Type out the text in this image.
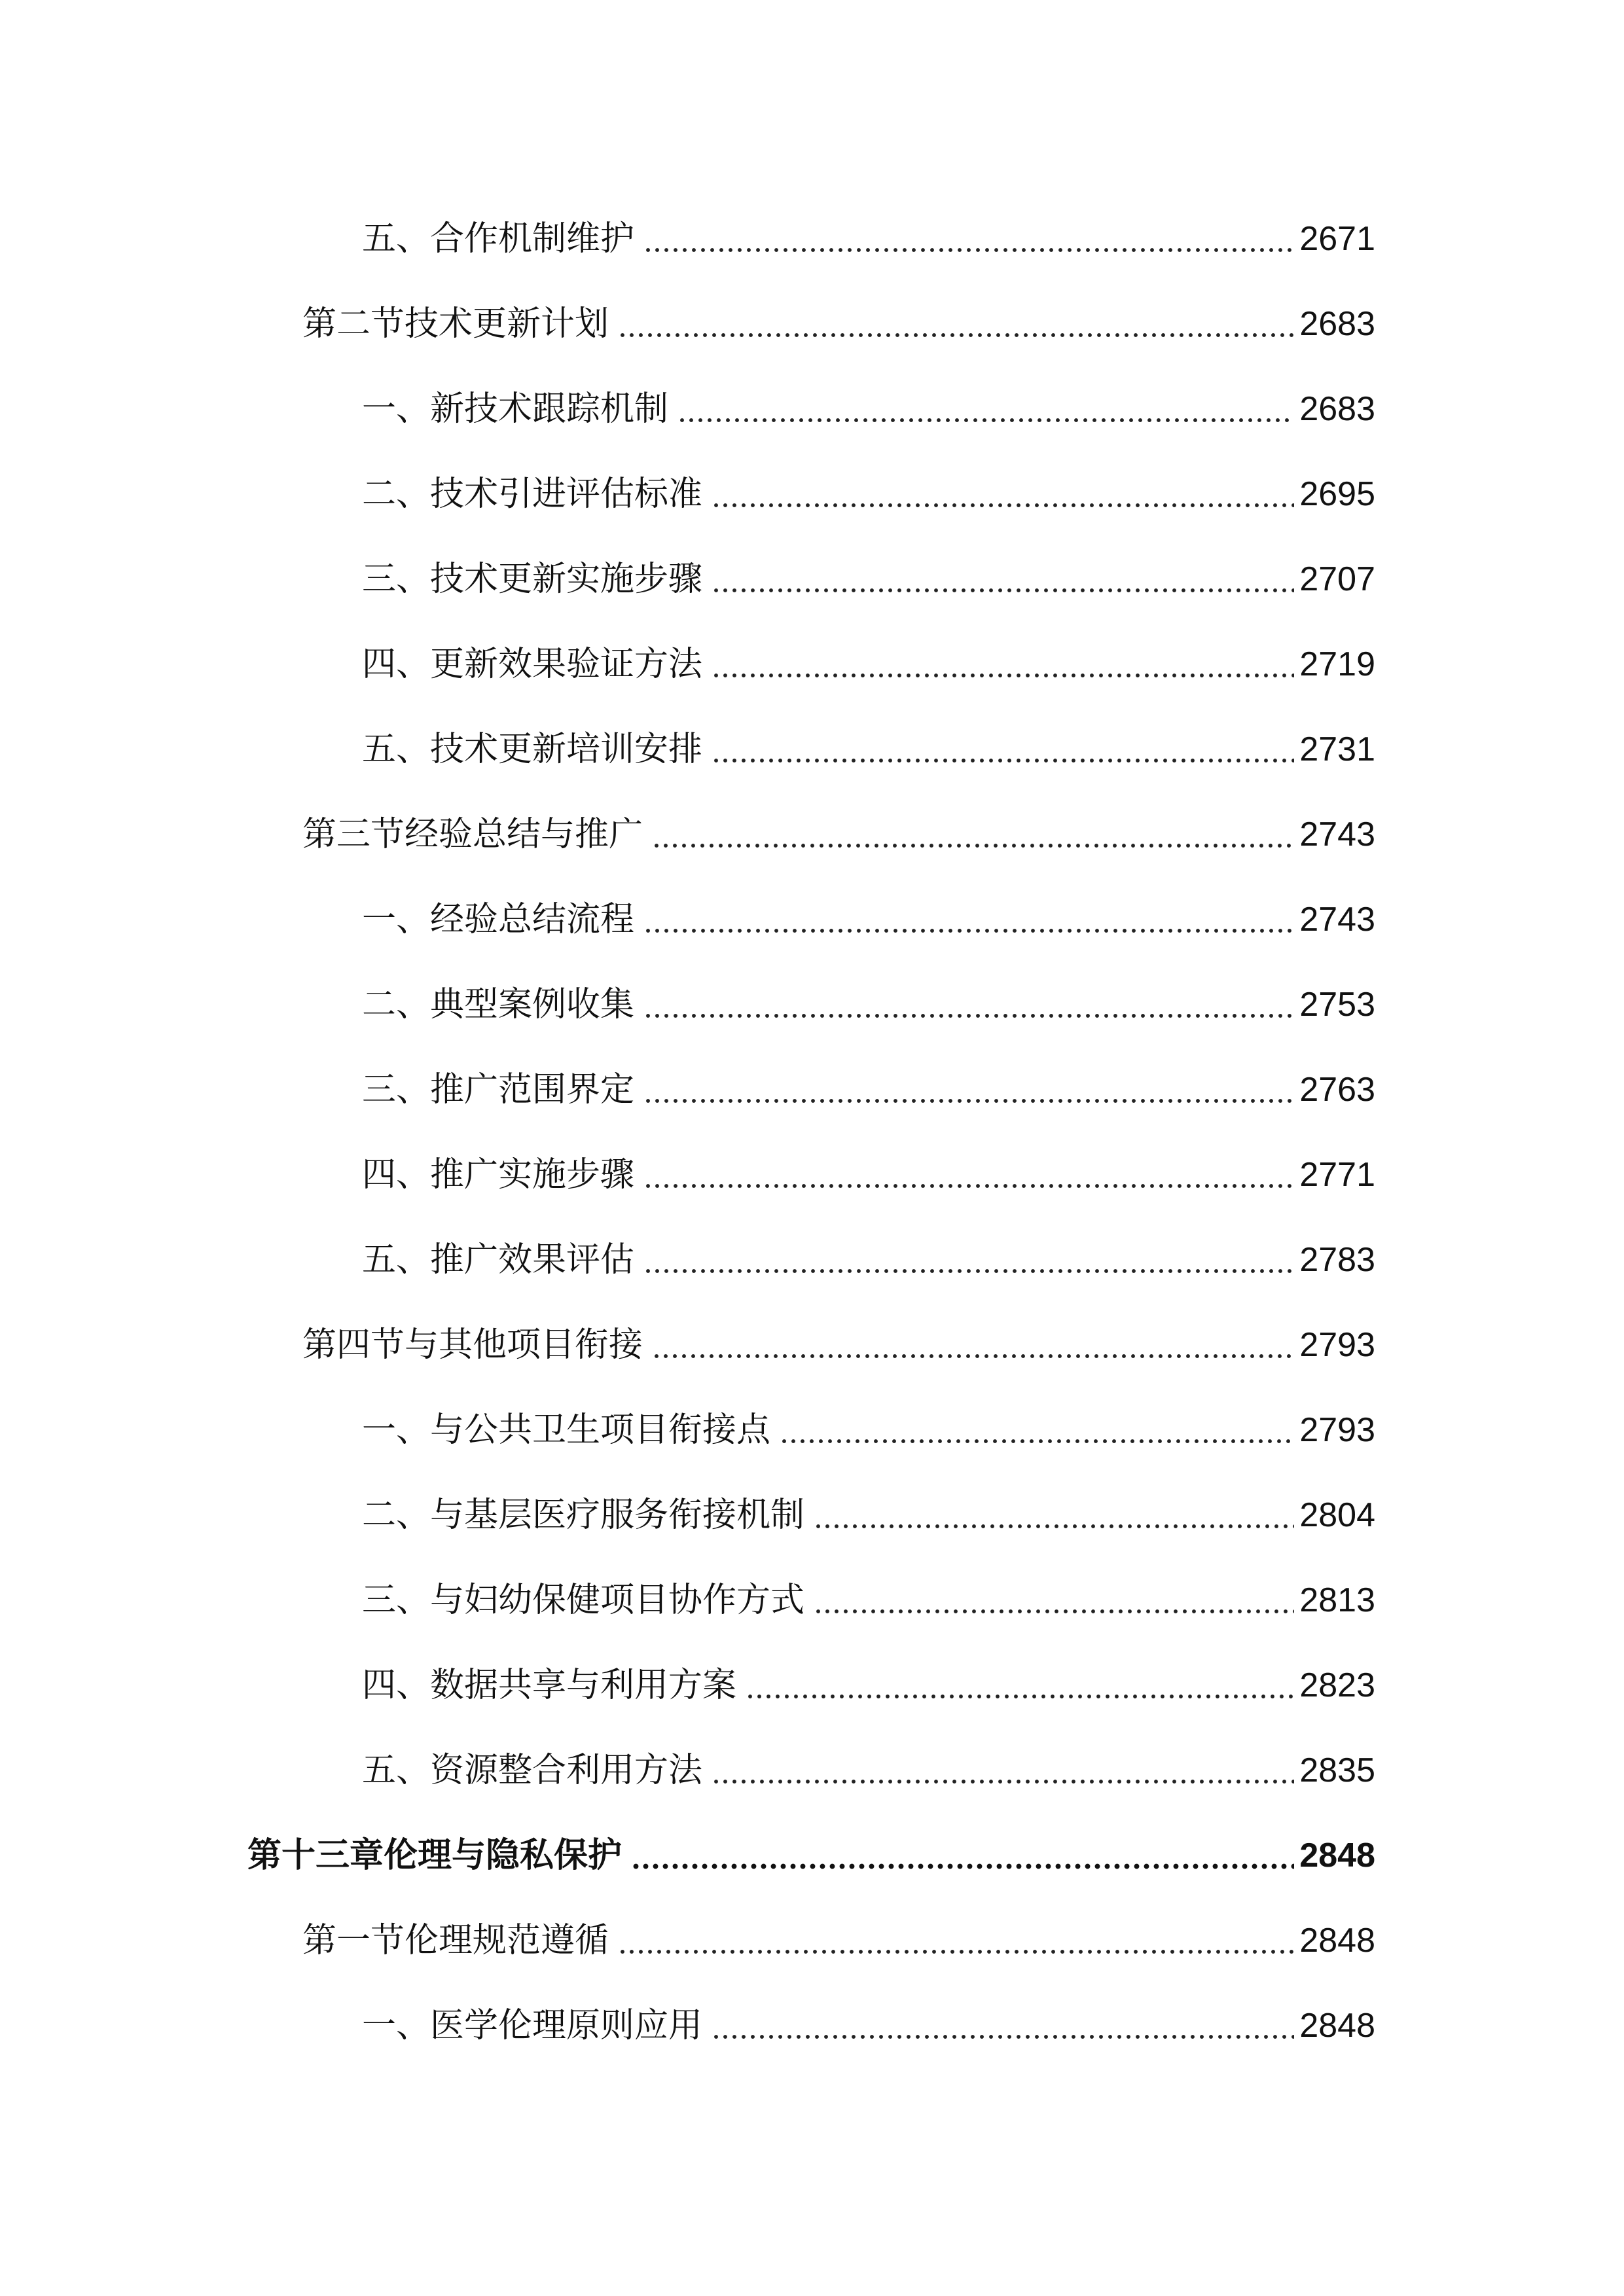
五、合作机制维护	2671
第二节技术更新计划	2683
一、新技术跟踪机制	2683
二、技术引进评估标准	2695
三、技术更新实施步骤	2707
四、更新效果验证方法	2719
五、技术更新培训安排	2731
第三节经验总结与推广	2743
一、经验总结流程	2743
二、典型案例收集	2753
三、推广范围界定	2763
四、推广实施步骤	2771
五、推广效果评估	2783
第四节与其他项目衔接	2793
一、与公共卫生项目衔接点	2793
二、与基层医疗服务衔接机制	2804
三、与妇幼保健项目协作方式	2813
四、数据共享与利用方案	2823
五、资源整合利用方法	2835
第十三章伦理与隐私保护	2848
第一节伦理规范遵循	2848
一、医学伦理原则应用	2848
